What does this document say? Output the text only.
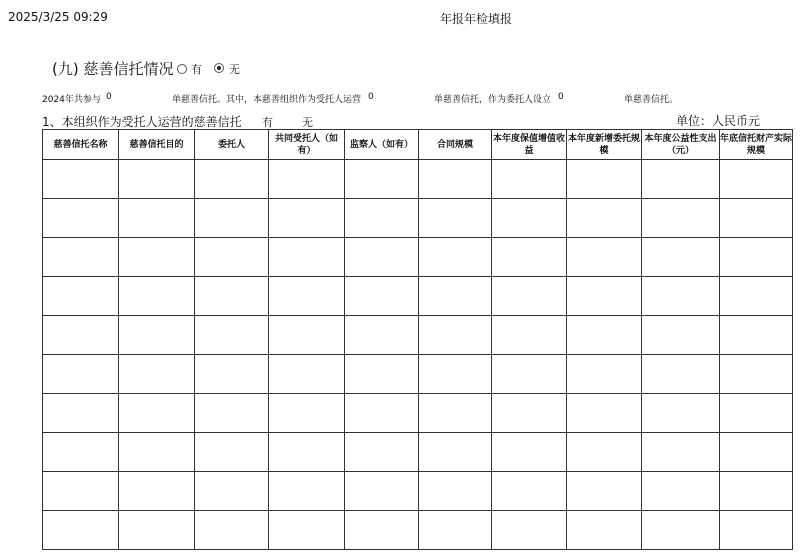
2025/3/25 09:29	年报年检填报
(九) 慈善信托情况 有 无
2024年共参与 0	单慈善信托。其中，本慈善组织作为受托人运营 0	单慈善信托，作为委托人设立 0	单慈善信托。
1、本组织作为受托人运营的慈善信托 有	无	单位：人民币元
慈善信托名称	慈善信托目的	委托人	共同受托人（如有）	监察人（如有）	合同规模	本年度保值增值收益	本年度新增委托规模	本年度公益性支出（元）	年底信托财产实际规模
